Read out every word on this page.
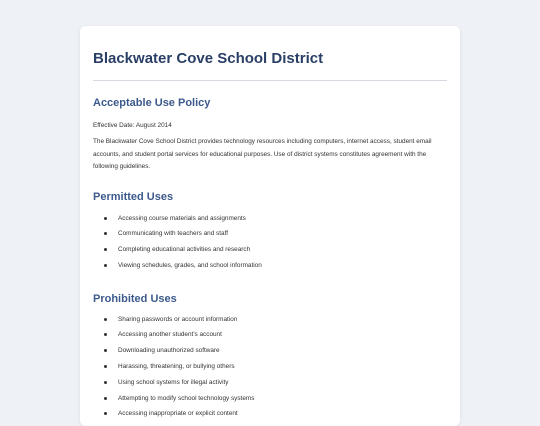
Blackwater Cove School District
Acceptable Use Policy
Effective Date: August 2014
The Blackwater Cove School District provides technology resources including computers, internet access, student email accounts, and student portal services for educational purposes. Use of district systems constitutes agreement with the following guidelines.
Permitted Uses
Accessing course materials and assignments
Communicating with teachers and staff
Completing educational activities and research
Viewing schedules, grades, and school information
Prohibited Uses
Sharing passwords or account information
Accessing another student's account
Downloading unauthorized software
Harassing, threatening, or bullying others
Using school systems for illegal activity
Attempting to modify school technology systems
Accessing inappropriate or explicit content
